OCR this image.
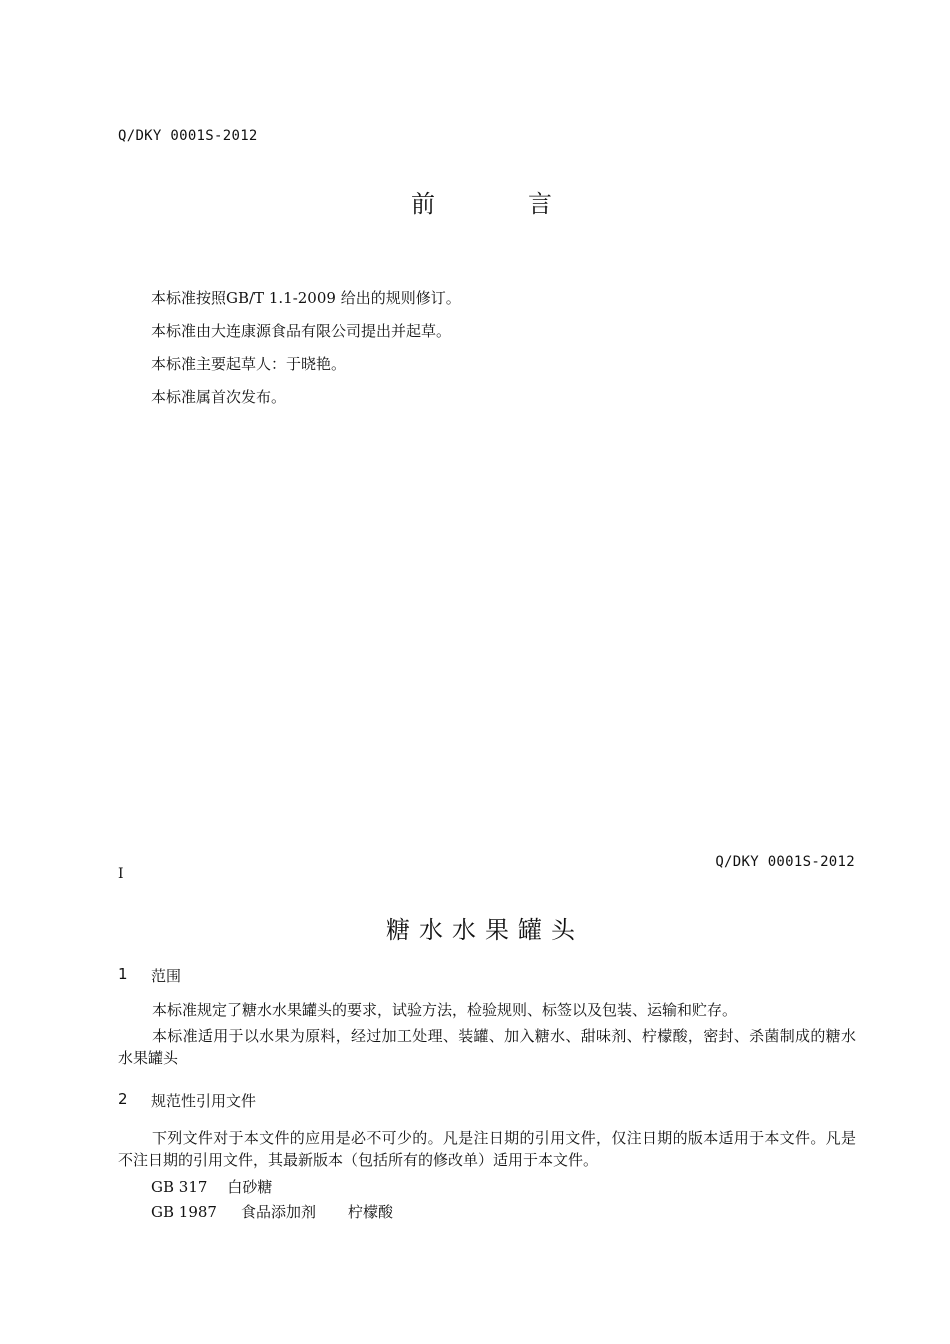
Q/DKY 0001S-2012
前	言
本标准按照GB/T 1.1-2009 给出的规则修订。
本标准由大连康源食品有限公司提出并起草。
本标准主要起草人：于晓艳。
本标准属首次发布。
I
Q/DKY 0001S-2012
糖水水果罐头
1 范围
本标准规定了糖水水果罐头的要求，试验方法，检验规则、标签以及包装、运输和贮存。
本标准适用于以水果为原料，经过加工处理、装罐、加入糖水、甜味剂、柠檬酸，密封、杀菌制成的糖水水果罐头
2 规范性引用文件
下列文件对于本文件的应用是必不可少的。凡是注日期的引用文件，仅注日期的版本适用于本文件。凡是不注日期的引用文件，其最新版本（包括所有的修改单）适用于本文件。
GB 317 白砂糖
GB 1987 食品添加剂 柠檬酸
